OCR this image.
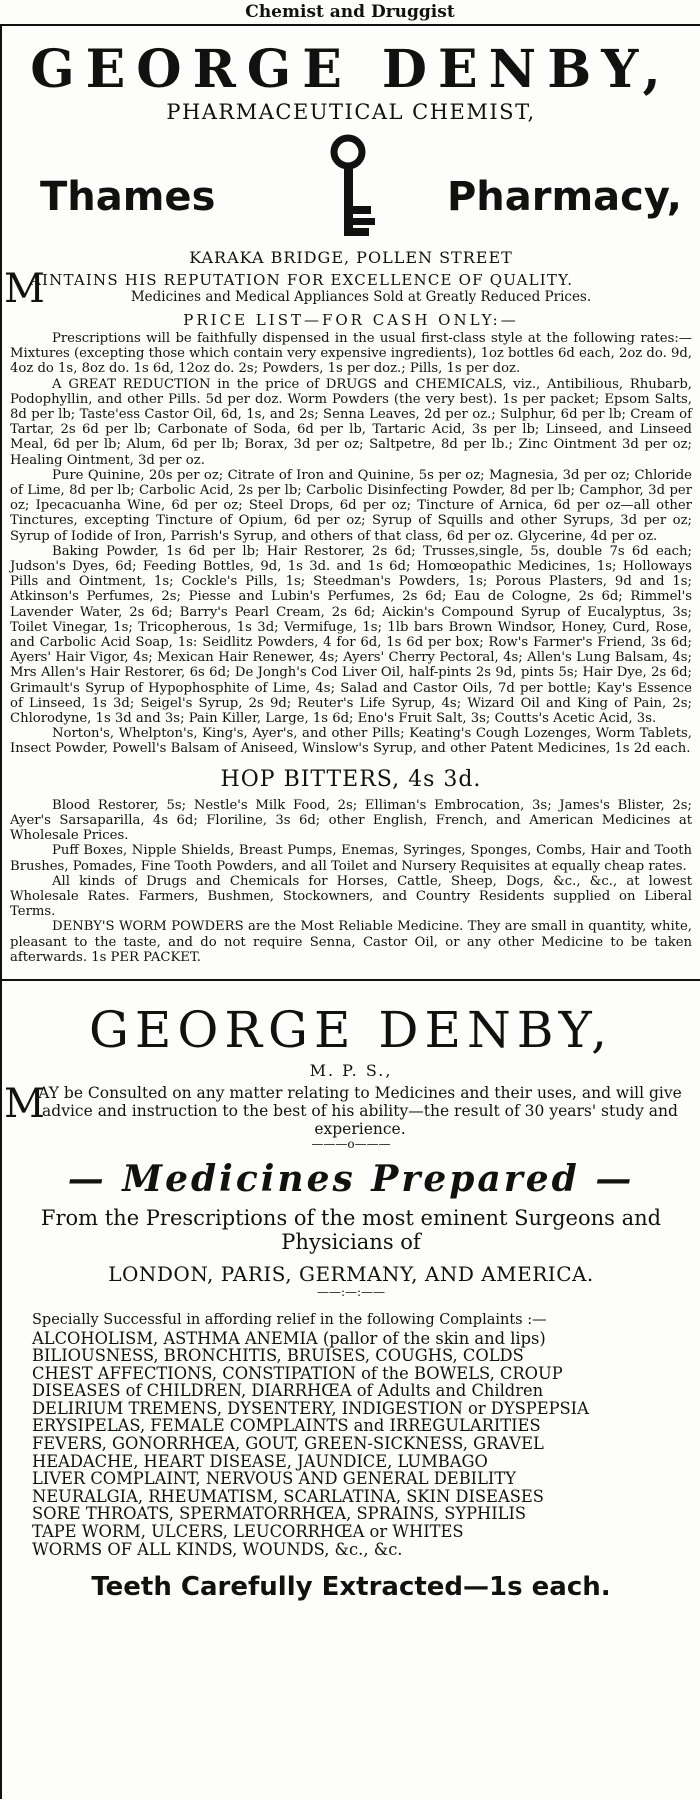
Chemist and Druggist
GEORGE DENBY,
PHARMACEUTICAL CHEMIST,
Thames	Pharmacy,
KARAKA BRIDGE, POLLEN STREET
M
AINTAINS HIS REPUTATION FOR EXCELLENCE OF QUALITY.
Medicines and Medical Appliances Sold at Greatly Reduced Prices.
PRICE LIST—FOR CASH ONLY:—

Prescriptions will be faithfully dispensed in the usual first-class style at the following rates:—Mixtures (excepting those which contain very expensive ingredients), 1oz bottles 6d each, 2oz do. 9d, 4oz do 1s, 8oz do. 1s 6d, 12oz do. 2s; Powders, 1s per doz.; Pills, 1s per doz.

A GREAT REDUCTION in the price of DRUGS and CHEMICALS, viz., Antibilious, Rhubarb, Podophyllin, and other Pills. 5d per doz. Worm Powders (the very best). 1s per packet; Epsom Salts, 8d per lb; Taste'ess Castor Oil, 6d, 1s, and 2s; Senna Leaves, 2d per oz.; Sulphur, 6d per lb; Cream of Tartar, 2s 6d per lb; Carbonate of Soda, 6d per lb, Tartaric Acid, 3s per lb; Linseed, and Linseed Meal, 6d per lb; Alum, 6d per lb; Borax, 3d per oz; Saltpetre, 8d per lb.; Zinc Ointment 3d per oz; Healing Ointment, 3d per oz.

Pure Quinine, 20s per oz; Citrate of Iron and Quinine, 5s per oz; Magnesia, 3d per oz; Chloride of Lime, 8d per lb; Carbolic Acid, 2s per lb; Carbolic Disinfecting Powder, 8d per lb; Camphor, 3d per oz; Ipecacuanha Wine, 6d per oz; Steel Drops, 6d per oz; Tincture of Arnica, 6d per oz—all other Tinctures, excepting Tincture of Opium, 6d per oz; Syrup of Squills and other Syrups, 3d per oz; Syrup of Iodide of Iron, Parrish's Syrup, and others of that class, 6d per oz. Glycerine, 4d per oz.

Baking Powder, 1s 6d per lb; Hair Restorer, 2s 6d; Trusses,single, 5s, double 7s 6d each; Judson's Dyes, 6d; Feeding Bottles, 9d, 1s 3d. and 1s 6d; Homœopathic Medicines, 1s; Holloways Pills and Ointment, 1s; Cockle's Pills, 1s; Steedman's Powders, 1s; Porous Plasters, 9d and 1s; Atkinson's Perfumes, 2s; Piesse and Lubin's Perfumes, 2s 6d; Eau de Cologne, 2s 6d; Rimmel's Lavender Water, 2s 6d; Barry's Pearl Cream, 2s 6d; Aickin's Compound Syrup of Eucalyptus, 3s; Toilet Vinegar, 1s; Tricopherous, 1s 3d; Vermifuge, 1s; 1lb bars Brown Windsor, Honey, Curd, Rose, and Carbolic Acid Soap, 1s: Seidlitz Powders, 4 for 6d, 1s 6d per box; Row's Farmer's Friend, 3s 6d; Ayers' Hair Vigor, 4s; Mexican Hair Renewer, 4s; Ayers' Cherry Pectoral, 4s; Allen's Lung Balsam, 4s; Mrs Allen's Hair Restorer, 6s 6d; De Jongh's Cod Liver Oil, half-pints 2s 9d, pints 5s; Hair Dye, 2s 6d; Grimault's Syrup of Hypophosphite of Lime, 4s; Salad and Castor Oils, 7d per bottle; Kay's Essence of Linseed, 1s 3d; Seigel's Syrup, 2s 9d; Reuter's Life Syrup, 4s; Wizard Oil and King of Pain, 2s; Chlorodyne, 1s 3d and 3s; Pain Killer, Large, 1s 6d; Eno's Fruit Salt, 3s; Coutts's Acetic Acid, 3s.

Norton's, Whelpton's, King's, Ayer's, and other Pills; Keating's Cough Lozenges, Worm Tablets, Insect Powder, Powell's Balsam of Aniseed, Winslow's Syrup, and other Patent Medicines, 1s 2d each.

HOP BITTERS, 4s 3d.

Blood Restorer, 5s; Nestle's Milk Food, 2s; Elliman's Embrocation, 3s; James's Blister, 2s; Ayer's Sarsaparilla, 4s 6d; Floriline, 3s 6d; other English, French, and American Medicines at Wholesale Prices.

Puff Boxes, Nipple Shields, Breast Pumps, Enemas, Syringes, Sponges, Combs, Hair and Tooth Brushes, Pomades, Fine Tooth Powders, and all Toilet and Nursery Requisites at equally cheap rates.

All kinds of Drugs and Chemicals for Horses, Cattle, Sheep, Dogs, &c., &c., at lowest Wholesale Rates. Farmers, Bushmen, Stockowners, and Country Residents supplied on Liberal Terms.

DENBY'S WORM POWDERS are the Most Reliable Medicine. They are small in quantity, white, pleasant to the taste, and do not require Senna, Castor Oil, or any other Medicine to be taken afterwards. 1s PER PACKET.

GEORGE DENBY,
M. P. S.,
M
AY be Consulted on any matter relating to Medicines and their uses, and will give advice and instruction to the best of his ability—the result of 30 years' study and experience.
———o———
— Medicines Prepared —
From the Prescriptions of the most eminent Surgeons and Physicians of
LONDON, PARIS, GERMANY, AND AMERICA.
——:—:——
Specially Successful in affording relief in the following Complaints :—
ALCOHOLISM, ASTHMA ANEMIA (pallor of the skin and lips)
BILIOUSNESS, BRONCHITIS, BRUISES, COUGHS, COLDS
CHEST AFFECTIONS, CONSTIPATION of the BOWELS, CROUP
DISEASES of CHILDREN, DIARRHŒA of Adults and Children
DELIRIUM TREMENS, DYSENTERY, INDIGESTION or DYSPEPSIA
ERYSIPELAS, FEMALE COMPLAINTS and IRREGULARITIES
FEVERS, GONORRHŒA, GOUT, GREEN-SICKNESS, GRAVEL
HEADACHE, HEART DISEASE, JAUNDICE, LUMBAGO
LIVER COMPLAINT, NERVOUS AND GENERAL DEBILITY
NEURALGIA, RHEUMATISM, SCARLATINA, SKIN DISEASES
SORE THROATS, SPERMATORRHŒA, SPRAINS, SYPHILIS
TAPE WORM, ULCERS, LEUCORRHŒA or WHITES
WORMS OF ALL KINDS, WOUNDS, &c., &c.
Teeth Carefully Extracted—1s each.
